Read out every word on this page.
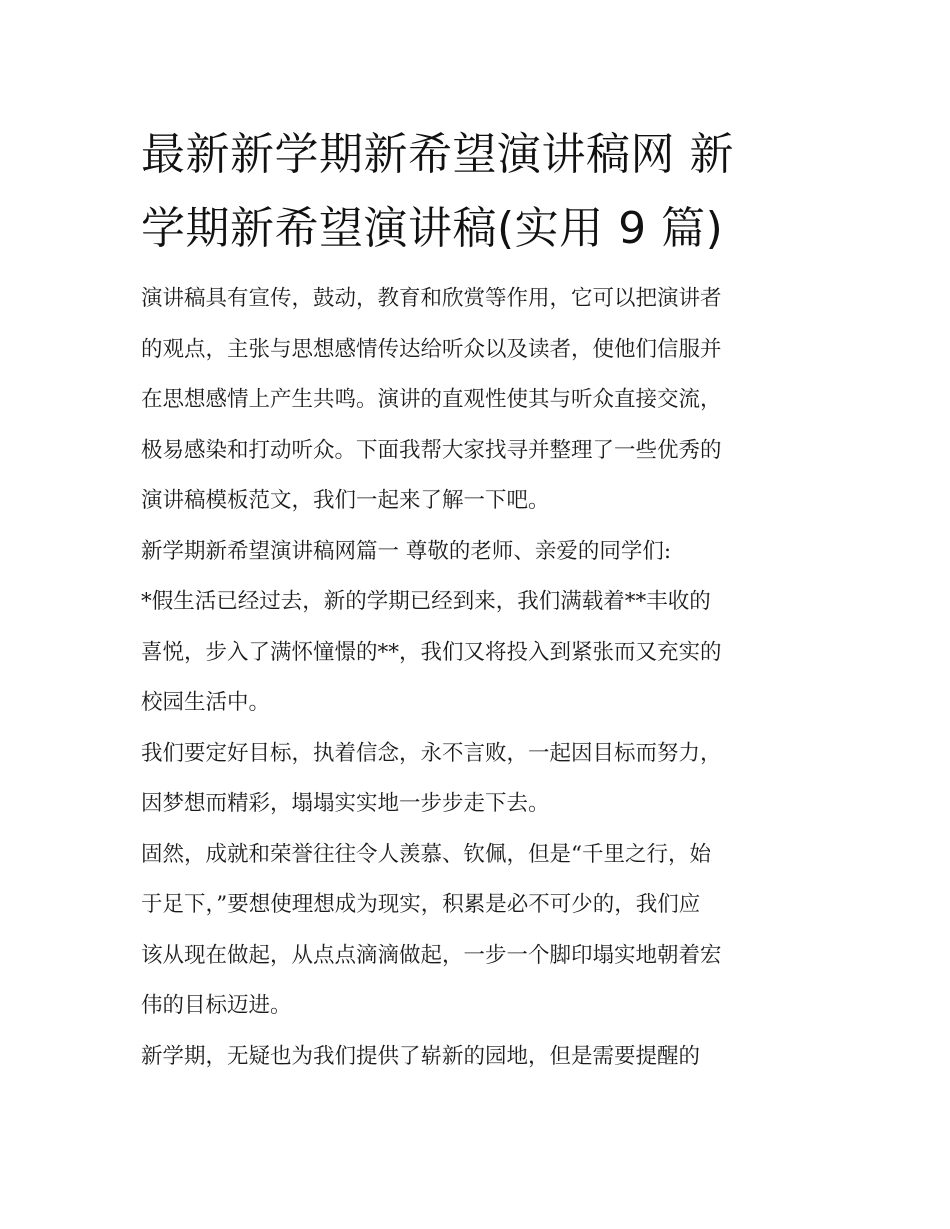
最新新学期新希望演讲稿网 新
学期新希望演讲稿(实用 9 篇)

演讲稿具有宣传，鼓动，教育和欣赏等作用，它可以把演讲者
的观点，主张与思想感情传达给听众以及读者，使他们信服并
在思想感情上产生共鸣。演讲的直观性使其与听众直接交流，
极易感染和打动听众。下面我帮大家找寻并整理了一些优秀的
演讲稿模板范文，我们一起来了解一下吧。

新学期新希望演讲稿网篇一 尊敬的老师、亲爱的同学们:

*假生活已经过去，新的学期已经到来，我们满载着**丰收的
喜悦，步入了满怀憧憬的**，我们又将投入到紧张而又充实的
校园生活中。

我们要定好目标，执着信念，永不言败，一起因目标而努力，
因梦想而精彩，塌塌实实地一步步走下去。

固然，成就和荣誉往往令人羡慕、钦佩，但是“千里之行，始
于足下，”要想使理想成为现实，积累是必不可少的，我们应
该从现在做起，从点点滴滴做起，一步一个脚印塌实地朝着宏
伟的目标迈进。

新学期，无疑也为我们提供了崭新的园地，但是需要提醒的
